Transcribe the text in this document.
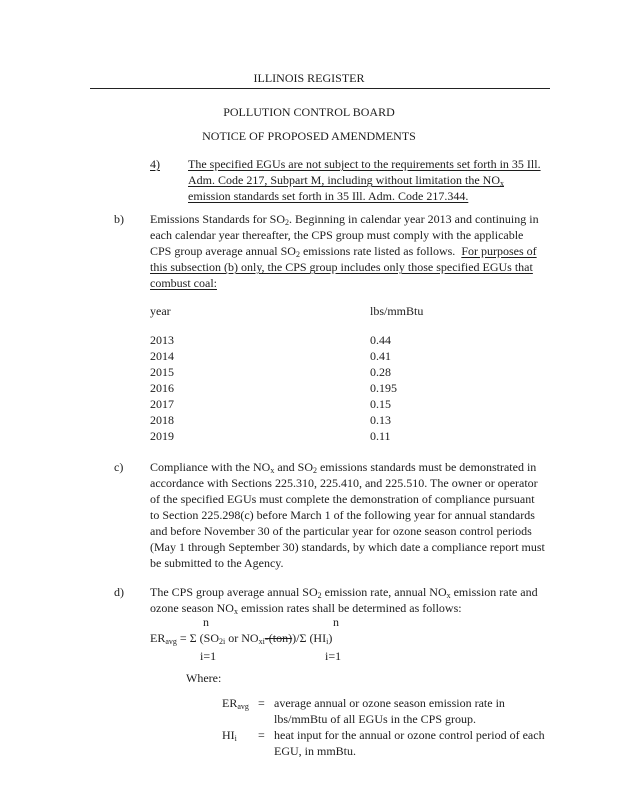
ILLINOIS REGISTER
POLLUTION CONTROL BOARD
NOTICE OF PROPOSED AMENDMENTS
4) The specified EGUs are not subject to the requirements set forth in 35 Ill.
Adm. Code 217, Subpart M, including without limitation the $NO_x$
emission standards set forth in 35 Ill. Adm. Code 217.344.
b) Emissions Standards for $SO_2$. Beginning in calendar year 2013 and continuing in
each calendar year thereafter, the CPS group must comply with the applicable
CPS group average annual $SO_2$ emissions rate listed as follows. For purposes of
this subsection (b) only, the CPS group includes only those specified EGUs that
combust coal:
year	lbs/mmBtu
2013	0.44
2014	0.41
2015	0.28
2016	0.195
2017	0.15
2018	0.13
2019	0.11
c) Compliance with the $NO_x$ and $SO_2$ emissions standards must be demonstrated in
accordance with Sections 225.310, 225.410, and 225.510. The owner or operator
of the specified EGUs must complete the demonstration of compliance pursuant
to Section 225.298(c) before March 1 of the following year for annual standards
and before November 30 of the particular year for ozone season control periods
(May 1 through September 30) standards, by which date a compliance report must
be submitted to the Agency.
d) The CPS group average annual $SO_2$ emission rate, annual $NO_x$ emission rate and
ozone season $NO_x$ emission rates shall be determined as follows:
n	n
$ER_{avg} = \Sigma$ ($SO_{2i}$ or $NO_{xi}-(ton))/\Sigma$ $(HI_i)$
i=1	i=1
Where:
$ER_{avg}$ = average annual or ozone season emission rate in
lbs/mmBtu of all EGUs in the CPS group.
$HI_i$ = heat input for the annual or ozone control period of each
EGU, in mmBtu.
